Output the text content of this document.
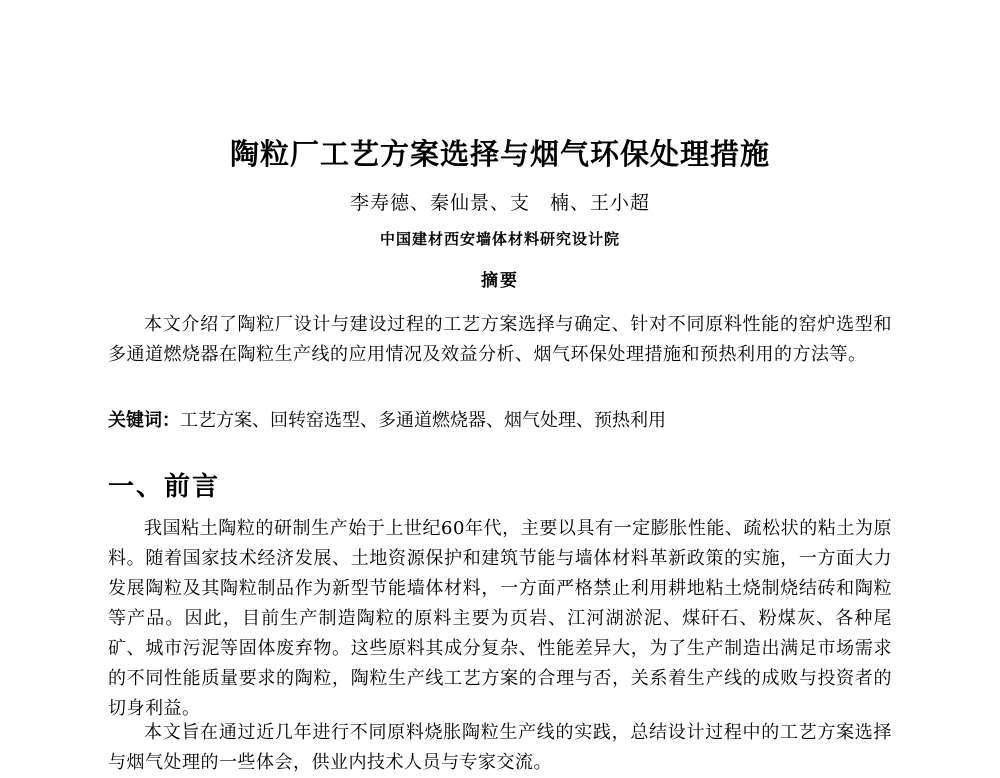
陶粒厂工艺方案选择与烟气环保处理措施
李寿德、秦仙景、支　楠、王小超
中国建材西安墙体材料研究设计院
摘要
本文介绍了陶粒厂设计与建设过程的工艺方案选择与确定、针对不同原料性能的窑炉选型和多通道燃烧器在陶粒生产线的应用情况及效益分析、烟气环保处理措施和预热利用的方法等。
关键词：工艺方案、回转窑选型、多通道燃烧器、烟气处理、预热利用
一、前言
我国粘土陶粒的研制生产始于上世纪60年代，主要以具有一定膨胀性能、疏松状的粘土为原料。随着国家技术经济发展、土地资源保护和建筑节能与墙体材料革新政策的实施，一方面大力发展陶粒及其陶粒制品作为新型节能墙体材料，一方面严格禁止利用耕地粘土烧制烧结砖和陶粒等产品。因此，目前生产制造陶粒的原料主要为页岩、江河湖淤泥、煤矸石、粉煤灰、各种尾矿、城市污泥等固体废弃物。这些原料其成分复杂、性能差异大，为了生产制造出满足市场需求的不同性能质量要求的陶粒，陶粒生产线工艺方案的合理与否，关系着生产线的成败与投资者的切身利益。
本文旨在通过近几年进行不同原料烧胀陶粒生产线的实践，总结设计过程中的工艺方案选择与烟气处理的一些体会，供业内技术人员与专家交流。
